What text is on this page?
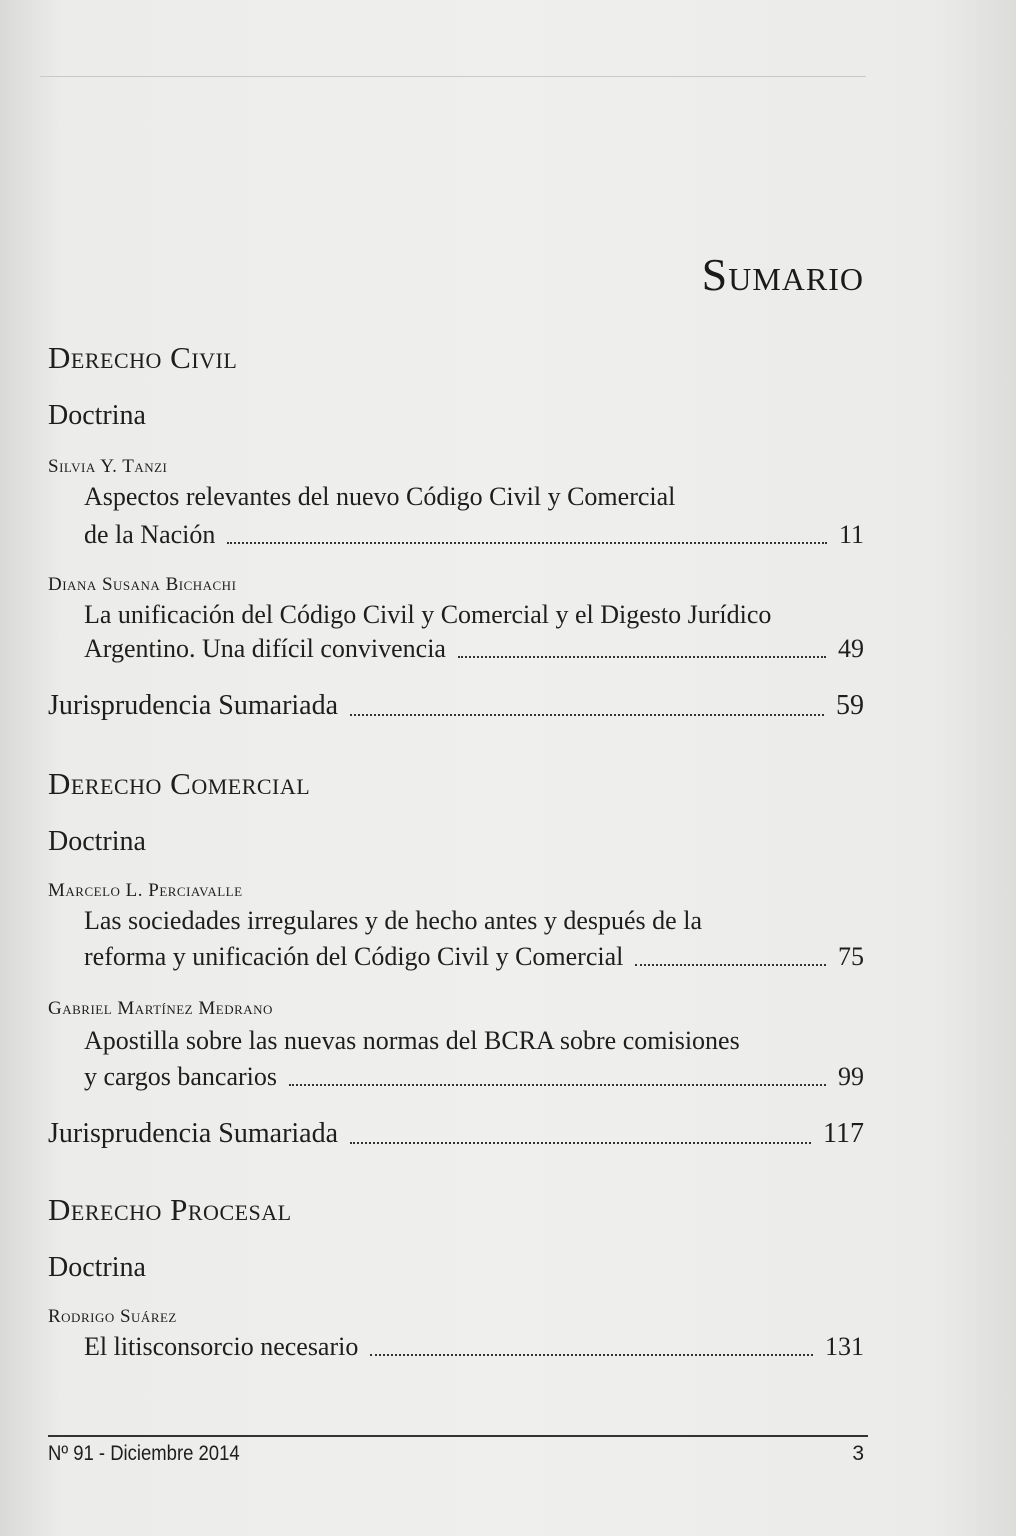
Sumario
Derecho Civil
Doctrina
Silvia Y. Tanzi
Aspectos relevantes del nuevo Código Civil y Comercial
de la Nación	11
Diana Susana Bichachi
La unificación del Código Civil y Comercial y el Digesto Jurídico
Argentino. Una difícil convivencia	49
Jurisprudencia Sumariada	59
Derecho Comercial
Doctrina
Marcelo L. Perciavalle
Las sociedades irregulares y de hecho antes y después de la
reforma y unificación del Código Civil y Comercial	75
Gabriel Martínez Medrano
Apostilla sobre las nuevas normas del BCRA sobre comisiones
y cargos bancarios	99
Jurisprudencia Sumariada	117
Derecho Procesal
Doctrina
Rodrigo Suárez
El litisconsorcio necesario	131
Nº 91 - Diciembre 2014	3
